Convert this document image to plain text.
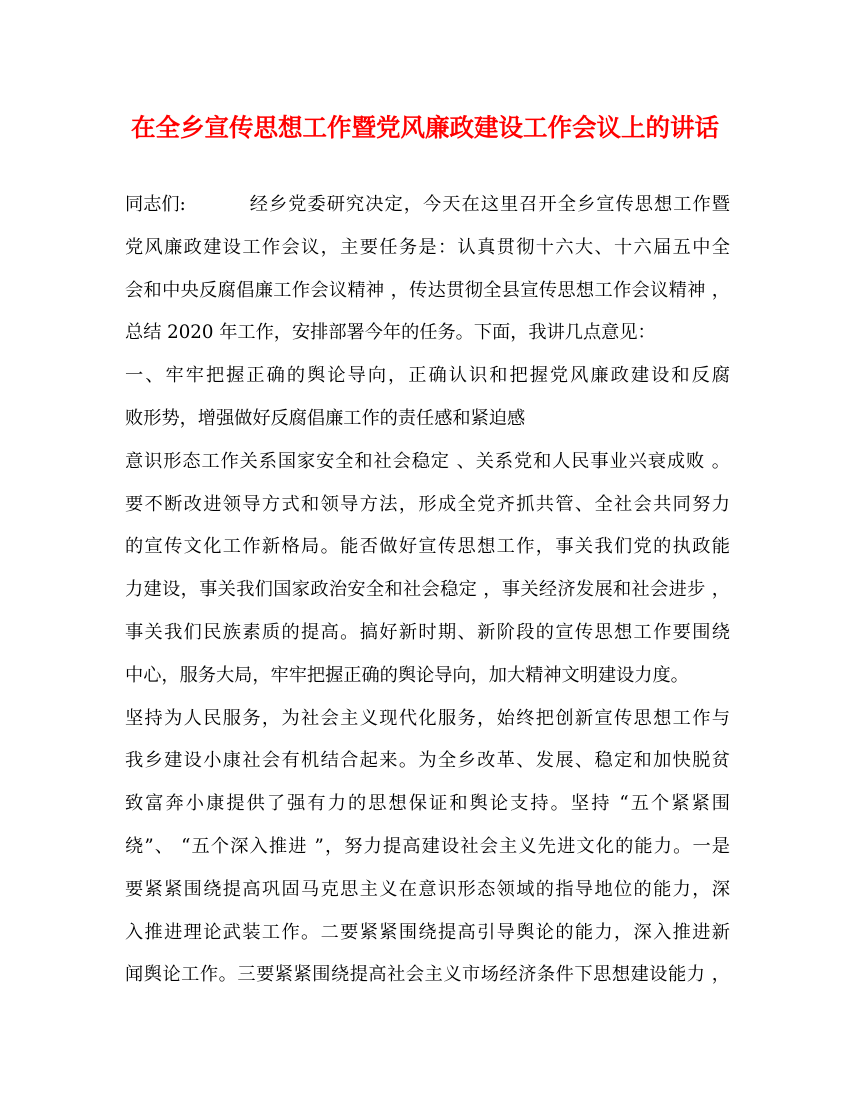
在全乡宣传思想工作暨党风廉政建设工作会议上的讲话
同志们:	经乡党委研究决定，今天在这里召开全乡宣传思想工作暨
党风廉政建设工作会议，主要任务是：认真贯彻十六大、十六届五中全
会和中央反腐倡廉工作会议精神 ，传达贯彻全县宣传思想工作会议精神 ，
总结 2020 年工作，安排部署今年的任务。下面，我讲几点意见：
一、牢牢把握正确的舆论导向，正确认识和把握党风廉政建设和反腐
败形势，增强做好反腐倡廉工作的责任感和紧迫感
意识形态工作关系国家安全和社会稳定 、关系党和人民事业兴衰成败 。
要不断改进领导方式和领导方法，形成全党齐抓共管、全社会共同努力
的宣传文化工作新格局。能否做好宣传思想工作，事关我们党的执政能
力建设，事关我们国家政治安全和社会稳定 ，事关经济发展和社会进步 ，
事关我们民族素质的提高。搞好新时期、新阶段的宣传思想工作要围绕
中心，服务大局，牢牢把握正确的舆论导向，加大精神文明建设力度。
坚持为人民服务，为社会主义现代化服务，始终把创新宣传思想工作与
我乡建设小康社会有机结合起来。为全乡改革、发展、稳定和加快脱贫
致富奔小康提供了强有力的思想保证和舆论支持。坚持 “五个紧紧围
绕”、 “五个深入推进 ”，努力提高建设社会主义先进文化的能力。一是
要紧紧围绕提高巩固马克思主义在意识形态领域的指导地位的能力，深
入推进理论武装工作。二要紧紧围绕提高引导舆论的能力，深入推进新
闻舆论工作。三要紧紧围绕提高社会主义市场经济条件下思想建设能力 ，
